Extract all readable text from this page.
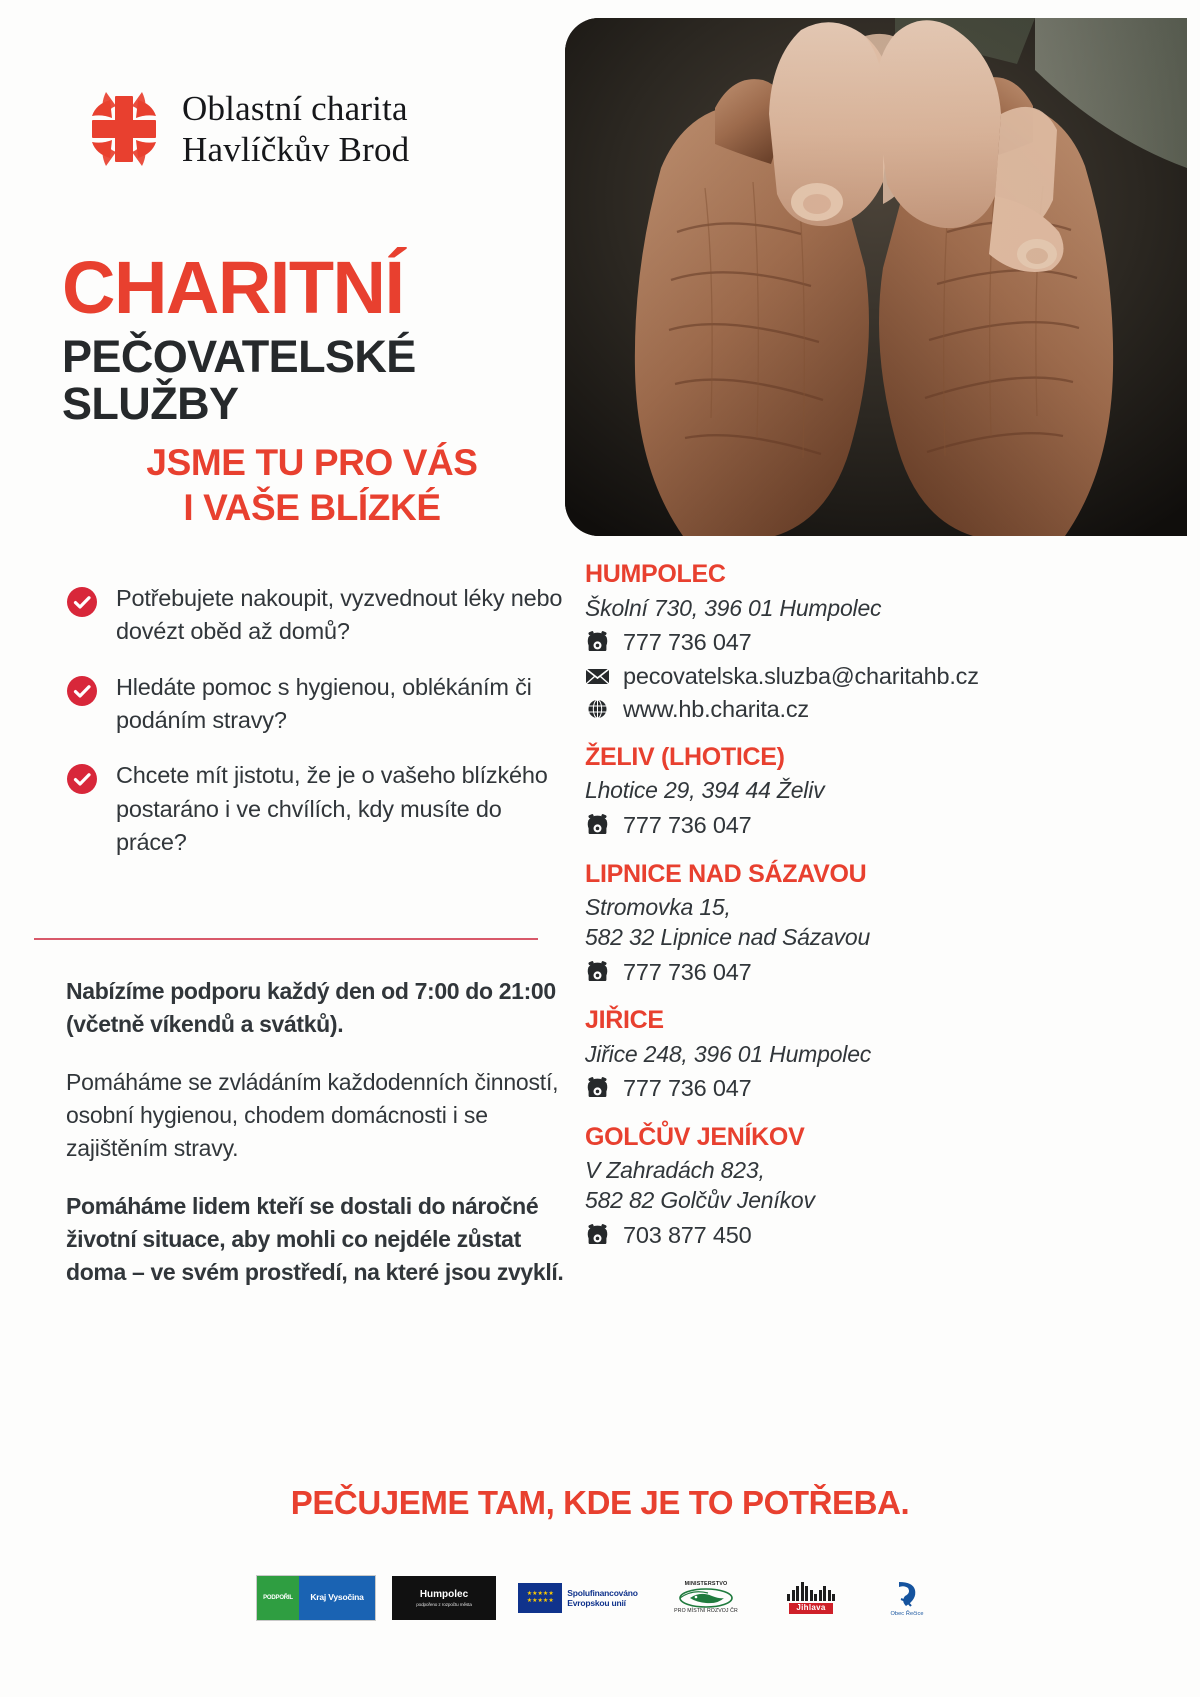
Oblastní charita
Havlíčkův Brod

CHARITNÍ

PEČOVATELSKÉ SLUŽBY

JSME TU PRO VÁS
I VAŠE BLÍZKÉ
Potřebujete nakoupit, vyzvednout léky nebo dovézt oběd až domů?
Hledáte pomoc s hygienou, oblékáním či podáním stravy?
Chcete mít jistotu, že je o vašeho blízkého postaráno i ve chvílích, kdy musíte do práce?

Nabízíme podporu každý den od 7:00 do 21:00 (včetně víkendů a svátků).

Pomáháme se zvládáním každodenních činností, osobní hygienou, chodem domácnosti i se zajištěním stravy.

Pomáháme lidem kteří se dostali do náročné životní situace, aby mohli co nejdéle zůstat doma – ve svém prostředí, na které jsou zvyklí.

HUMPOLEC

Školní 730, 396 01 Humpolec

777 736 047
pecovatelska.sluzba@charitahb.cz
www.hb.charita.cz

ŽELIV (LHOTICE)

Lhotice 29, 394 44 Želiv

777 736 047

LIPNICE NAD SÁZAVOU

Stromovka 15,
582 32 Lipnice nad Sázavou

777 736 047

JIŘICE

Jiřice 248, 396 01 Humpolec

777 736 047

GOLČŮV JENÍKOV

V Zahradách 823,
582 82 Golčův Jeníkov

703 877 450
PEČUJEME TAM, KDE JE TO POTŘEBA.
PODPOŘIL	Kraj Vysočina	Humpolec
podpořeno z rozpočtu města
★★★★★
★★★★★
Spolufinancováno
Evropskou unií
MINISTERSTVO
PRO MÍSTNÍ ROZVOJ ČR	Jihlava
Obec Řečice
